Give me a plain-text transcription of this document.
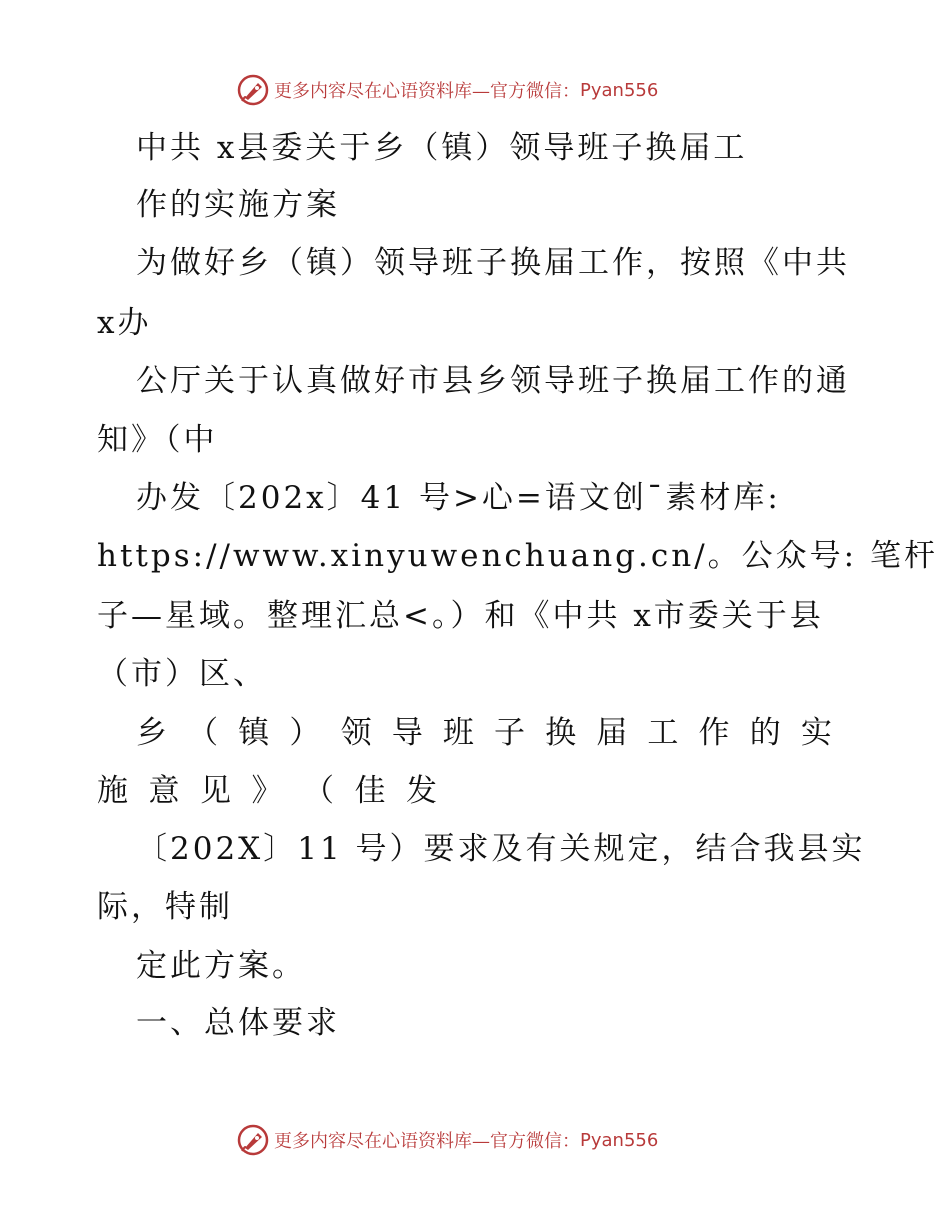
更多内容尽在心语资料库—官方微信： Pyan556
中共 x县委关于乡（镇）领导班子换届工
作的实施方案
为做好乡（镇）领导班子换届工作，按照《中共
x办
公厅关于认真做好市县乡领导班子换届工作的通
知》（中
办发〔202x〕41 号>心=语文创¯素材库:
https://www.xinyuwenchuang.cn/。公众号: 笔杆
子—星域。整理汇总<。）和《中共 x市委关于县
（市）区、
乡 （ 镇 ） 领 导 班 子 换 届 工 作 的 实
施 意 见 》 （ 佳 发
〔202X〕11 号）要求及有关规定，结合我县实
际，特制
定此方案。
一、总体要求
更多内容尽在心语资料库—官方微信： Pyan556
